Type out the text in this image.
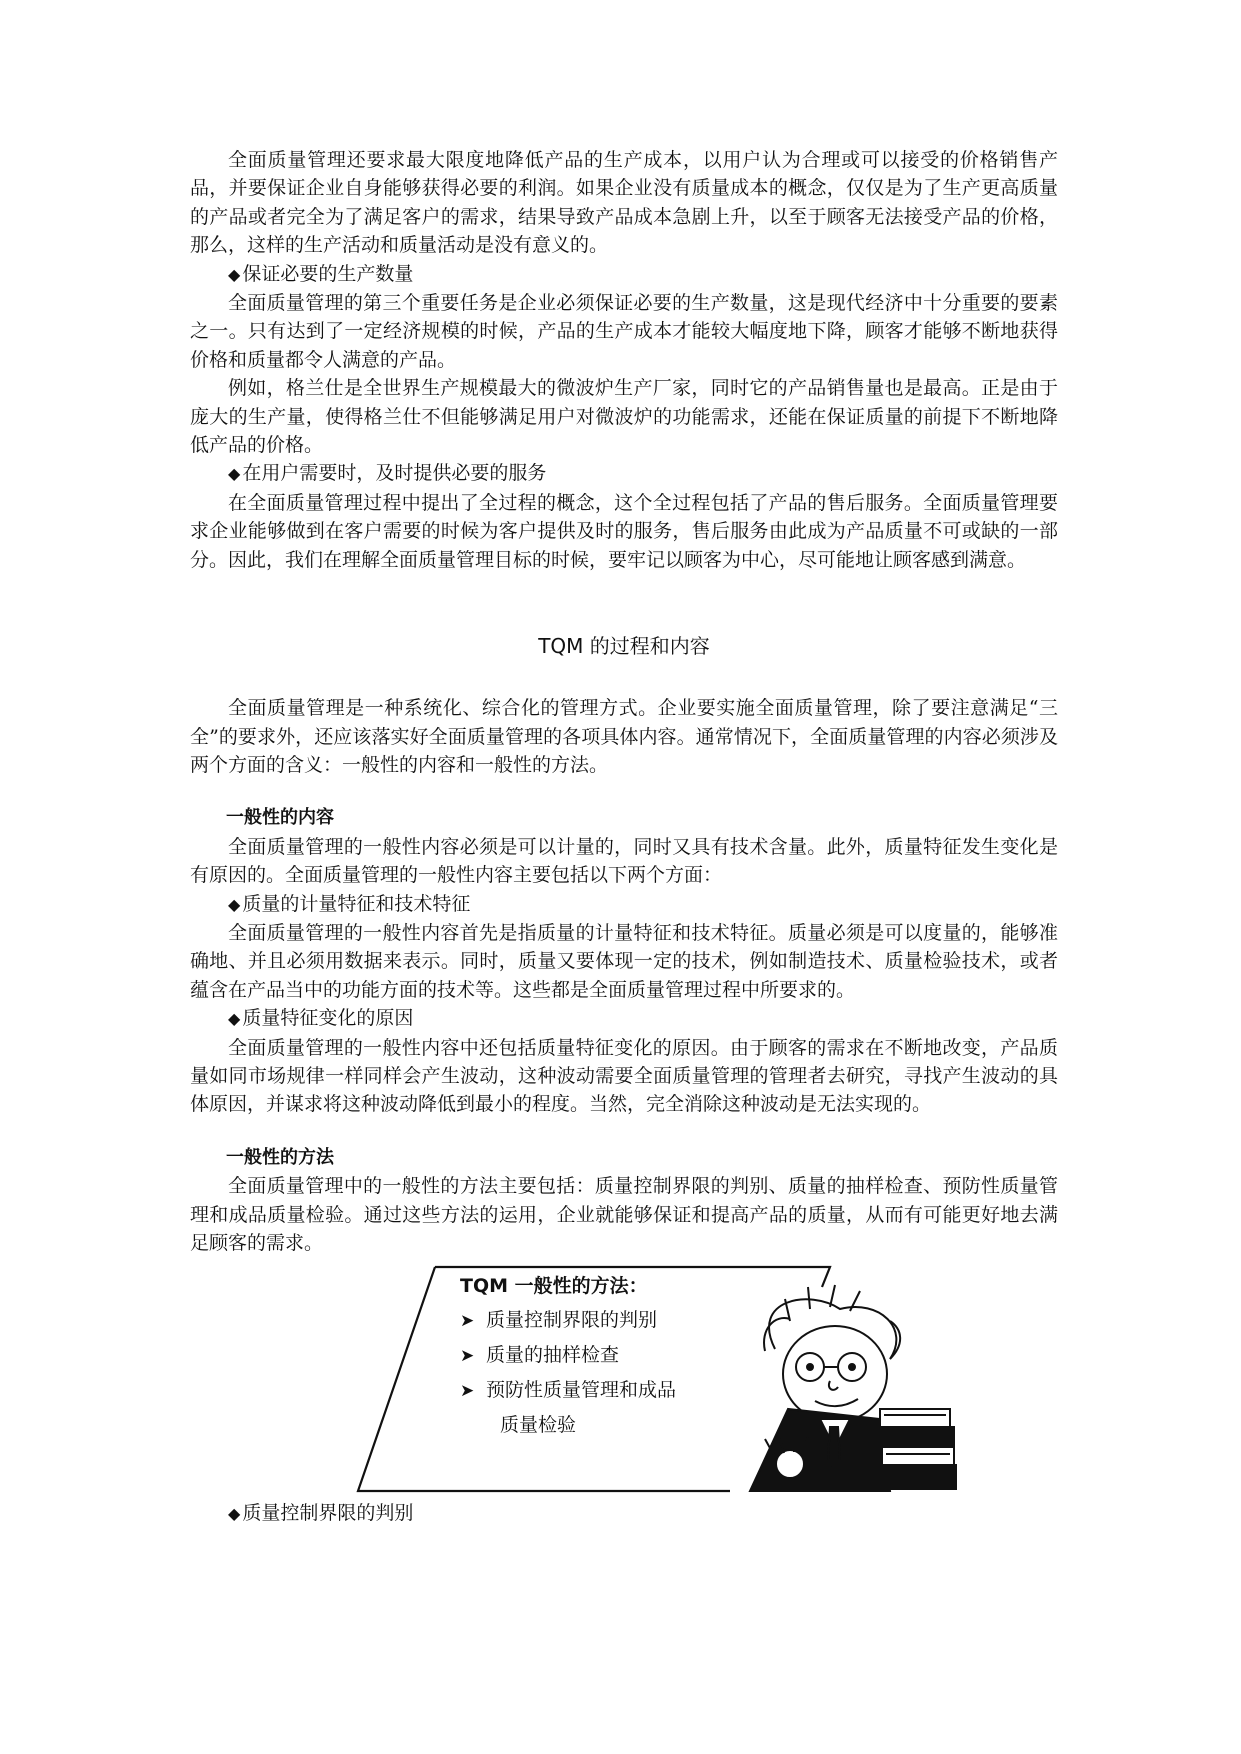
全面质量管理还要求最大限度地降低产品的生产成本，以用户认为合理或可以接受的价格销售产品，并要保证企业自身能够获得必要的利润。如果企业没有质量成本的概念，仅仅是为了生产更高质量的产品或者完全为了满足客户的需求，结果导致产品成本急剧上升，以至于顾客无法接受产品的价格，那么，这样的生产活动和质量活动是没有意义的。

◆ 保证必要的生产数量

全面质量管理的第三个重要任务是企业必须保证必要的生产数量，这是现代经济中十分重要的要素之一。只有达到了一定经济规模的时候，产品的生产成本才能较大幅度地下降，顾客才能够不断地获得价格和质量都令人满意的产品。

例如，格兰仕是全世界生产规模最大的微波炉生产厂家，同时它的产品销售量也是最高。正是由于庞大的生产量，使得格兰仕不但能够满足用户对微波炉的功能需求，还能在保证质量的前提下不断地降低产品的价格。

◆ 在用户需要时，及时提供必要的服务

在全面质量管理过程中提出了全过程的概念，这个全过程包括了产品的售后服务。全面质量管理要求企业能够做到在客户需要的时候为客户提供及时的服务，售后服务由此成为产品质量不可或缺的一部分。因此，我们在理解全面质量管理目标的时候，要牢记以顾客为中心，尽可能地让顾客感到满意。

TQM 的过程和内容

全面质量管理是一种系统化、综合化的管理方式。企业要实施全面质量管理，除了要注意满足“三全”的要求外，还应该落实好全面质量管理的各项具体内容。通常情况下，全面质量管理的内容必须涉及两个方面的含义：一般性的内容和一般性的方法。

一般性的内容

全面质量管理的一般性内容必须是可以计量的，同时又具有技术含量。此外，质量特征发生变化是有原因的。全面质量管理的一般性内容主要包括以下两个方面：

◆ 质量的计量特征和技术特征

全面质量管理的一般性内容首先是指质量的计量特征和技术特征。质量必须是可以度量的，能够准确地、并且必须用数据来表示。同时，质量又要体现一定的技术，例如制造技术、质量检验技术，或者蕴含在产品当中的功能方面的技术等。这些都是全面质量管理过程中所要求的。

◆ 质量特征变化的原因

全面质量管理的一般性内容中还包括质量特征变化的原因。由于顾客的需求在不断地改变，产品质量如同市场规律一样同样会产生波动，这种波动需要全面质量管理的管理者去研究，寻找产生波动的具体原因，并谋求将这种波动降低到最小的程度。当然，完全消除这种波动是无法实现的。

一般性的方法

全面质量管理中的一般性的方法主要包括：质量控制界限的判别、质量的抽样检查、预防性质量管理和成品质量检验。通过这些方法的运用，企业就能够保证和提高产品的质量，从而有可能更好地去满足顾客的需求。

TQM 一般性的方法：
➤ 质量控制界限的判别
➤ 质量的抽样检查
➤ 预防性质量管理和成品
质量检验

◆ 质量控制界限的判别
